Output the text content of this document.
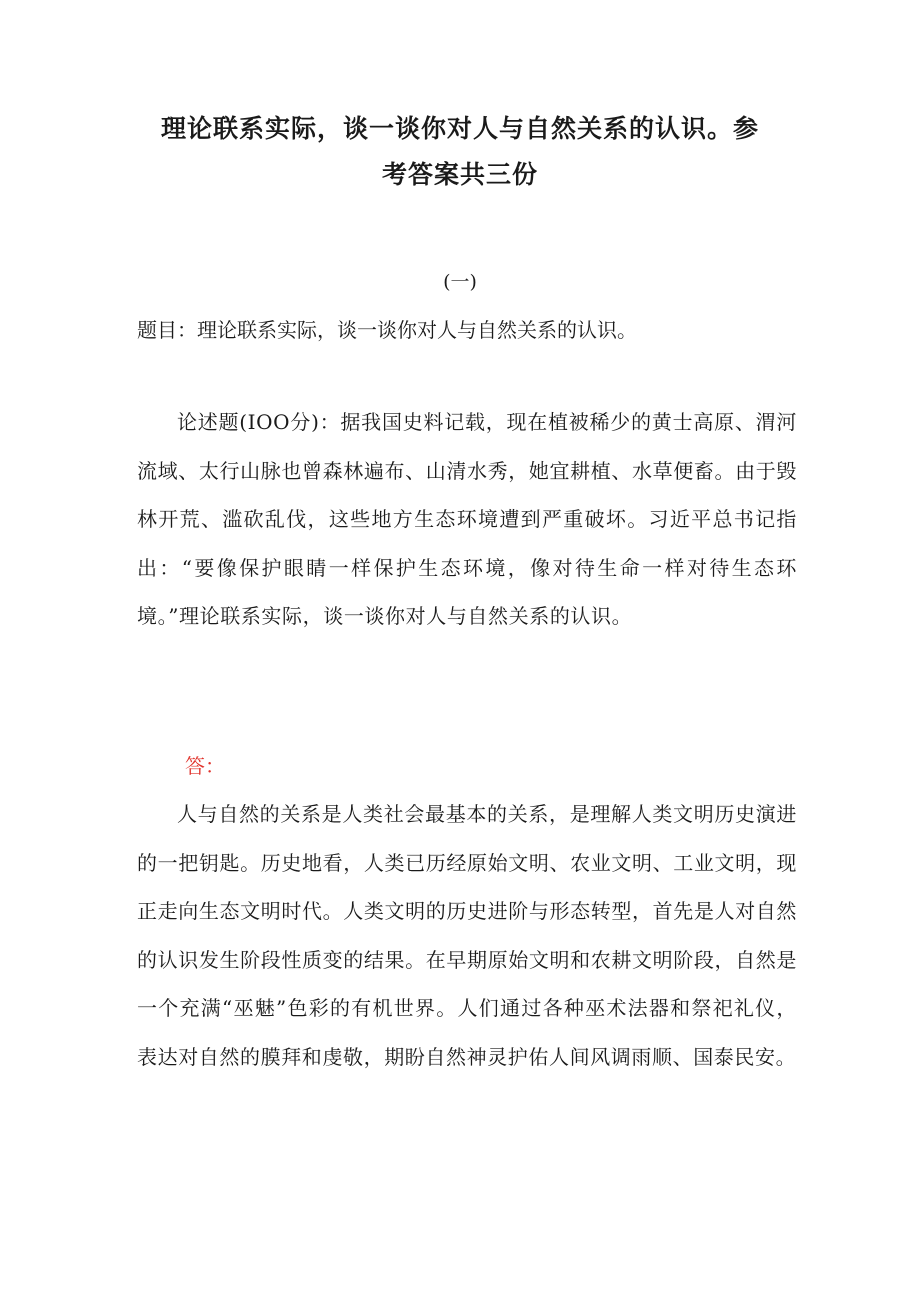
理论联系实际，谈一谈你对人与自然关系的认识。参
考答案共三份
(一)
题目：理论联系实际，谈一谈你对人与自然关系的认识。
论述题(IOO分)：据我国史料记载，现在植被稀少的黄士高原、渭河流域、太行山脉也曾森林遍布、山清水秀，她宜耕植、水草便畜。由于毁林开荒、滥砍乱伐，这些地方生态环境遭到严重破坏。习近平总书记指出：“要像保护眼睛一样保护生态环境，像对待生命一样对待生态环境。”理论联系实际，谈一谈你对人与自然关系的认识。
答：
人与自然的关系是人类社会最基本的关系，是理解人类文明历史演进的一把钥匙。历史地看，人类已历经原始文明、农业文明、工业文明，现正走向生态文明时代。人类文明的历史进阶与形态转型，首先是人对自然的认识发生阶段性质变的结果。在早期原始文明和农耕文明阶段，自然是一个充满“巫魅”色彩的有机世界。人们通过各种巫术法器和祭祀礼仪，表达对自然的膜拜和虔敬，期盼自然神灵护佑人间风调雨顺、国泰民安。
